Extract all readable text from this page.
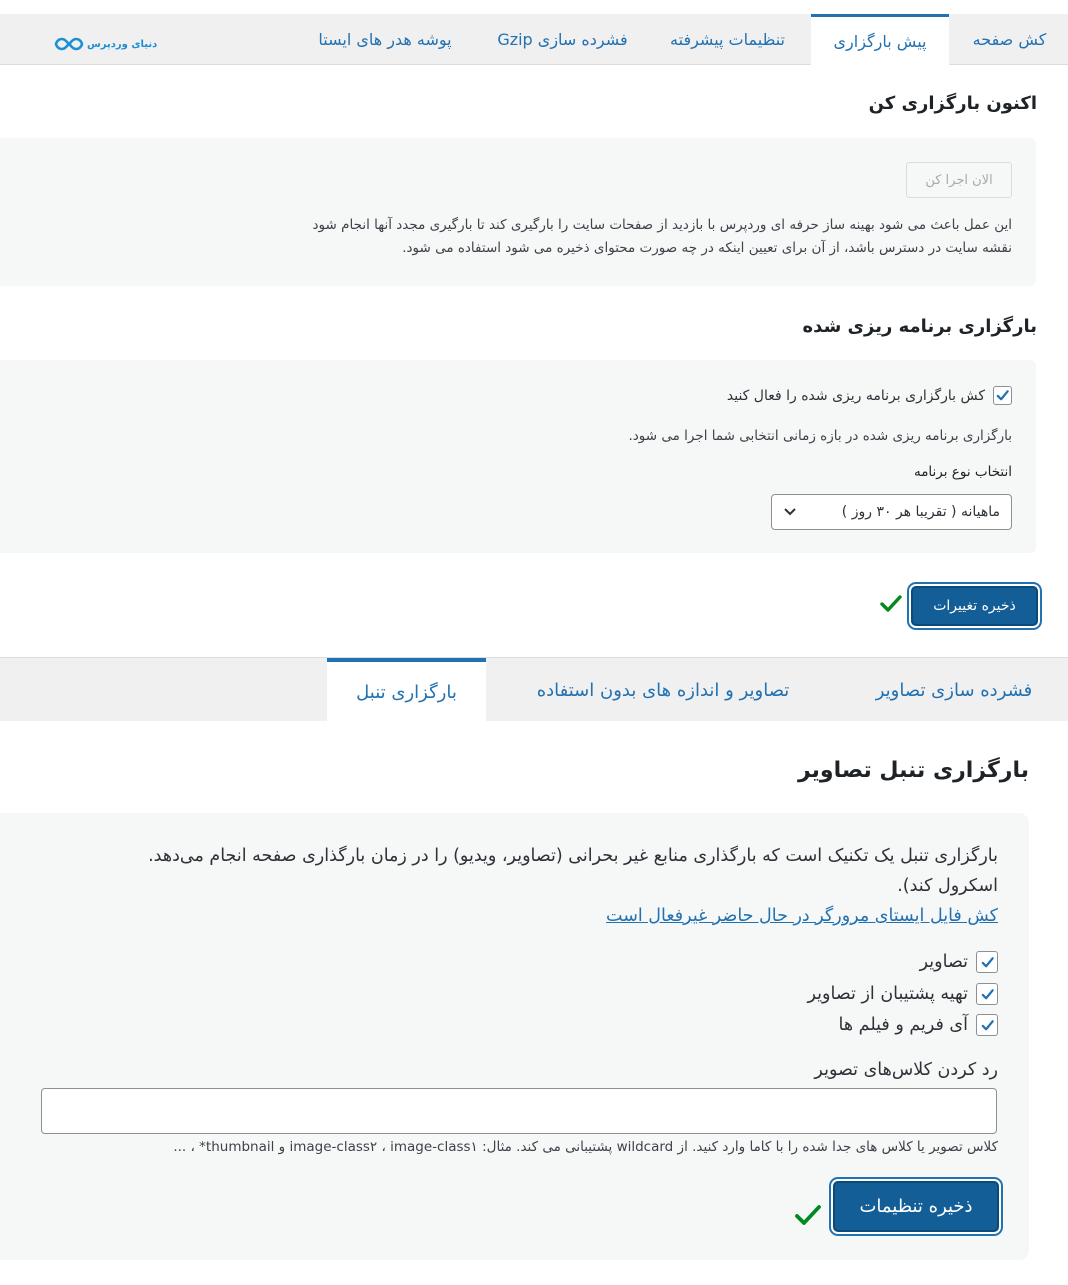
کش صفحه
پیش بارگزاری
تنظیمات پیشرفته
فشرده سازی Gzip
پوشه هدر های ایستا
دنیای وردپرس
اکنون بارگزاری کن
الان اجرا کن
این عمل باعث می شود بهینه ساز حرفه ای وردپرس با بازدید از صفحات سایت را بارگیری کند تا بارگیری مجدد آنها انجام شود
نقشه سایت در دسترس باشد، از آن برای تعیین اینکه در چه صورت محتوای ذخیره می شود استفاده می شود.
بارگزاری برنامه ریزی شده
کش بارگزاری برنامه ریزی شده را فعال کنید
بارگزاری برنامه ریزی شده در بازه زمانی انتخابی شما اجرا می شود.
انتخاب نوع برنامه
ماهیانه ( تقریبا هر ۳۰ روز )
ذخیره تغییرات
فشرده سازی تصاویر
تصاویر و اندازه های بدون استفاده
بارگزاری تنبل
بارگزاری تنبل تصاویر
بارگزاری تنبل یک تکنیک است که بارگذاری منابع غیر بحرانی (تصاویر، ویدیو) را در زمان بارگذاری صفحه انجام می‌دهد.
اسکرول کند).
کش فایل ایستای مرورگر در حال حاضر غیرفعال است
تصاویر
تهیه پشتیبان از تصاویر
آی فریم و فیلم ها
رد کردن کلاس‌های تصویر
کلاس تصویر یا کلاس های جدا شده را با کاما وارد کنید. از wildcard پشتیبانی می کند. مثال: image-class۲ ، image-class۱ و thumbnail* ، ...
ذخیره تنظیمات
